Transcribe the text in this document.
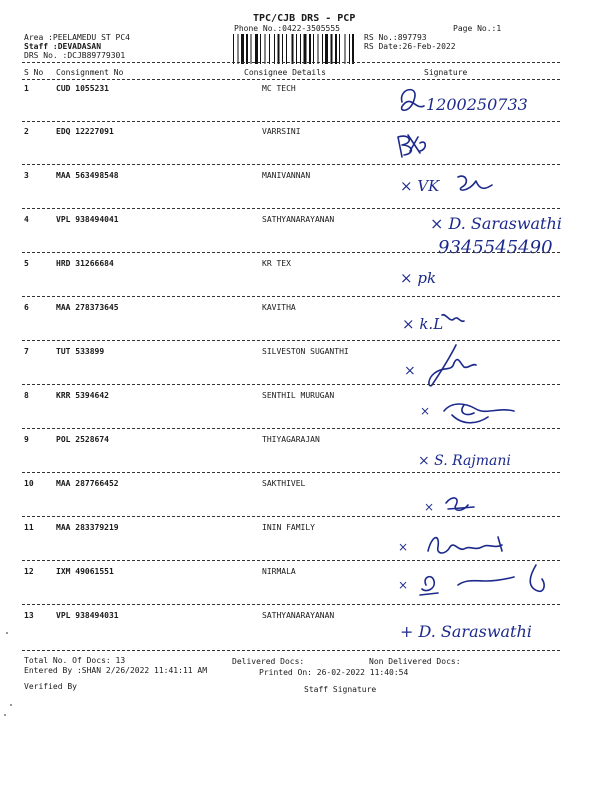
TPC/CJB DRS - PCP
Phone No.:0422-3505555	Page No.:1
Area :PEELAMEDU ST PC4
Staff :DEVADASAN
DRS No. :DCJB89779301
RS No.:897793
RS Date:26-Feb-2022
S No Consignment No	Consignee Details	Signature
1	CUD 1055231	MC TECH
1200250733
2	EDQ 12227091	VARRSINI
3	MAA 563498548	MANIVANNAN
× VK
4	VPL 938494041	SATHYANARAYANAN	× D. Saraswathi
9345545490
5	HRD 31266684	KR TEX
× pk
6	MAA 278373645	KAVITHA
× k.L
7	TUT 533899	SILVESTON SUGANTHI
×
8	KRR 5394642	SENTHIL MURUGAN
×
9	POL 2528674	THIYAGARAJAN
× S. Rajmani
10	MAA 287766452	SAKTHIVEL
×
11	MAA 283379219	ININ FAMILY
×
12	IXM 49061551	NIRMALA
×
13	VPL 938494031	SATHYANARAYANAN
+ D. Saraswathi
Total No. Of Docs: 13	Delivered Docs:	Non Delivered Docs:
Entered By :SHAN 2/26/2022 11:41:11 AM	Printed On: 26-02-2022 11:40:54
Verified By	Staff Signature
